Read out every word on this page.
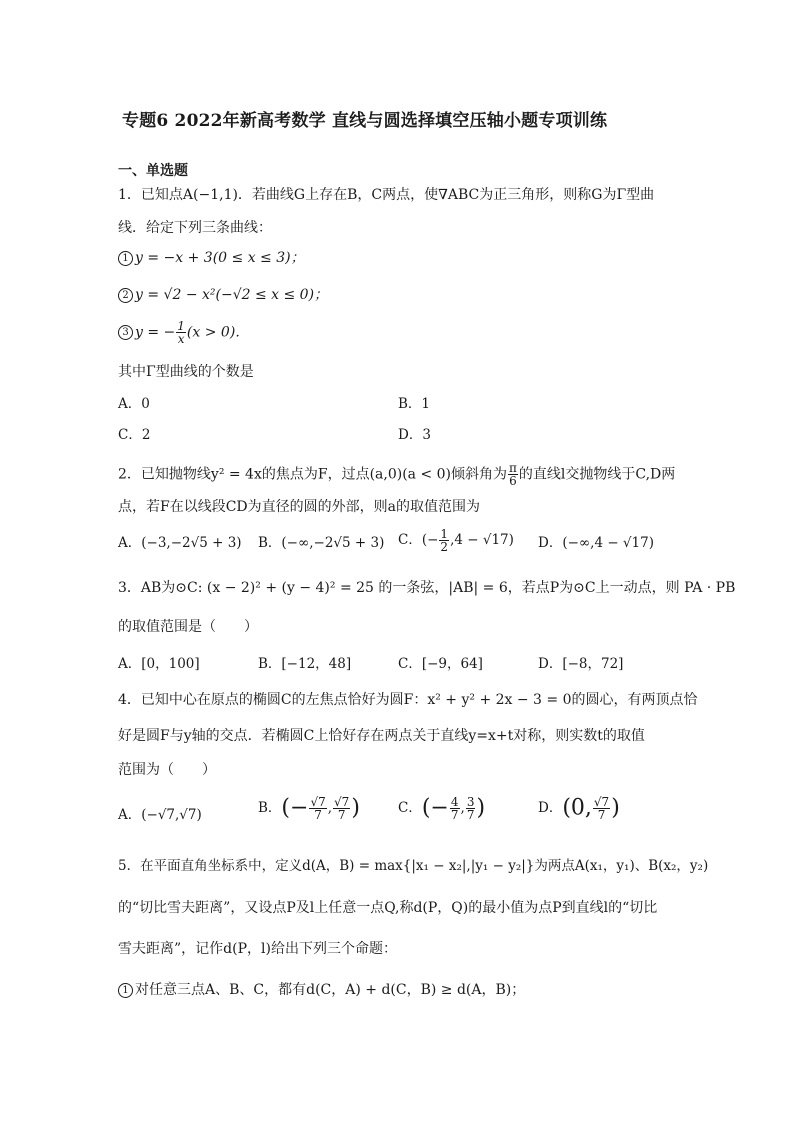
专题6 2022年新高考数学 直线与圆选择填空压轴小题专项训练
一、单选题
1．已知点A(−1,1)．若曲线G上存在B，C两点，使∇ABC为正三角形，则称G为Γ型曲
线．给定下列三条曲线：
1 y = −x + 3(0 ≤ x ≤ 3)；
2 y = √2 − x²(−√2 ≤ x ≤ 0)；
3 y = − $\frac{1}{x} (x > 0)$．
其中Γ型曲线的个数是
A．0	B．1
C．2	D．3
2．已知抛物线y² = 4x的焦点为F，过点(a,0)(a < 0)倾斜角为 $\frac{\pi}{6}$ 的直线l交抛物线于C,D两
点，若F在以线段CD为直径的圆的外部，则a的取值范围为
A．(−3,−2√5 + 3) B．(−∞,−2√5 + 3) C．(− $\frac{1}{2} ,4 - √17$) D．(−∞,4 − √17)
3．AB为⊙C: (x − 2)² + (y − 4)² = 25 的一条弦，|AB| = 6，若点P为⊙C上一动点，则 PA · PB
的取值范围是（　　）
A．[0，100]	B．[−12，48]	C．[−9，64]	D．[−8，72]
4．已知中心在原点的椭圆C的左焦点恰好为圆F：x² + y² + 2x − 3 = 0的圆心，有两顶点恰
好是圆F与y轴的交点．若椭圆C上恰好存在两点关于直线y=x+t对称，则实数t的取值
范围为（　　）
A．(−√7,√7)	B．(− $\frac{√7}{7}$ , $\frac{√7}{7}$ )	C．(− $\frac{4}{7}$ , $\frac{3}{7}$ )	D．(0, $\frac{√7}{7}$ )
5．在平面直角坐标系中，定义d(A，B) = max{|x₁ − x₂|,|y₁ − y₂|}为两点A(x₁，y₁)、B(x₂，y₂)
的“切比雪夫距离”，又设点P及l上任意一点Q,称d(P，Q)的最小值为点P到直线l的“切比
雪夫距离”，记作d(P，l)给出下列三个命题：
1 对任意三点A、B、C，都有d(C，A) + d(C，B) ≥ d(A，B)；
